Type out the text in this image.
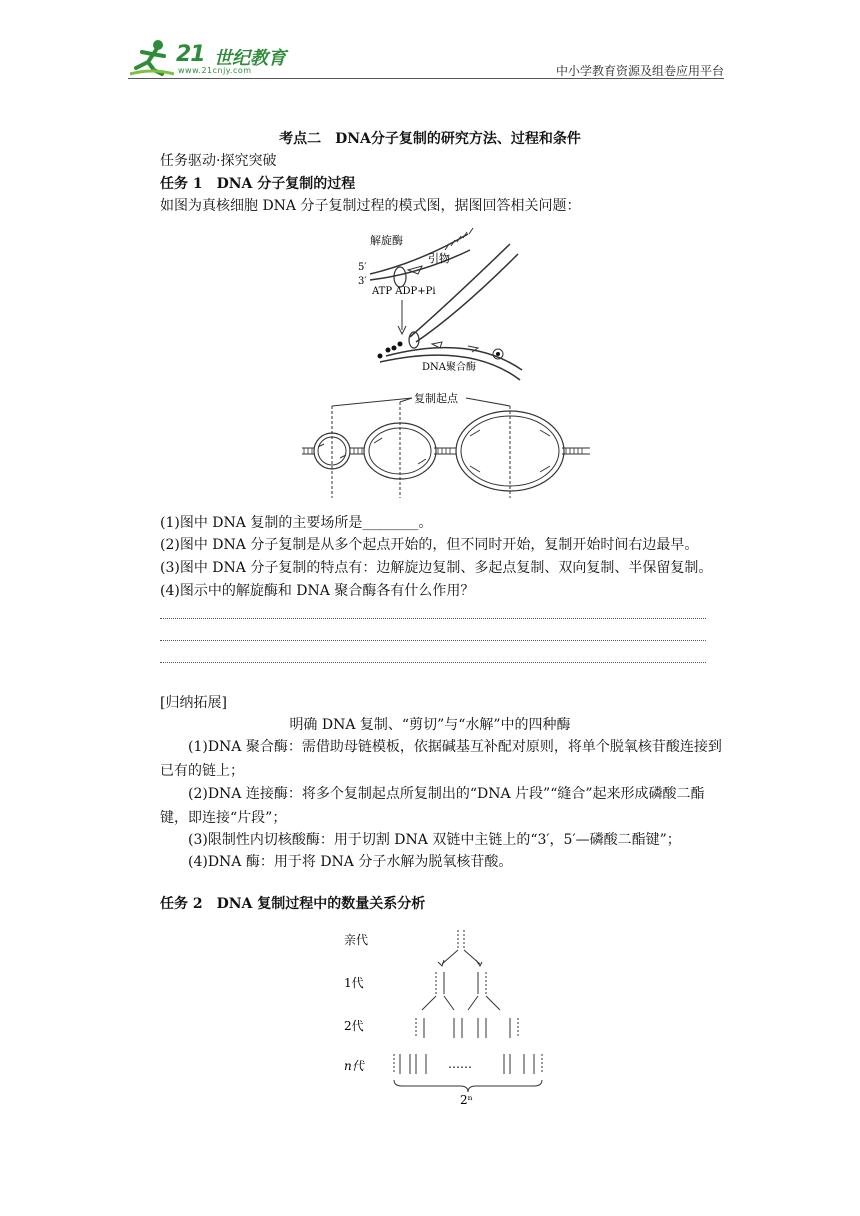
21 世纪教育
www.21cnjy.com	中小学教育资源及组卷应用平台
考点二　DNA分子复制的研究方法、过程和条件
任务驱动·探究突破
任务 1　DNA 分子复制的过程
如图为真核细胞 DNA 分子复制过程的模式图，据图回答相关问题：
解旋酶
引物
5′
3′
ATP ADP+Pi
DNA聚合酶
复制起点
(1)图中 DNA 复制的主要场所是________。
(2)图中 DNA 分子复制是从多个起点开始的，但不同时开始，复制开始时间右边最早。
(3)图中 DNA 分子复制的特点有：边解旋边复制、多起点复制、双向复制、半保留复制。
(4)图示中的解旋酶和 DNA 聚合酶各有什么作用？
[归纳拓展]
明确 DNA 复制、“剪切”与“水解”中的四种酶
(1)DNA 聚合酶：需借助母链模板，依据碱基互补配对原则，将单个脱氧核苷酸连接到已有的链上；
(2)DNA 连接酶：将多个复制起点所复制出的“DNA 片段”“缝合”起来形成磷酸二酯键，即连接“片段”；
(3)限制性内切核酸酶：用于切割 DNA 双链中主链上的“3′，5′—磷酸二酯键”；
(4)DNA 酶：用于将 DNA 分子水解为脱氧核苷酸。
任务 2　DNA 复制过程中的数量关系分析
亲代
1代
2代
n代	……
2ⁿ
